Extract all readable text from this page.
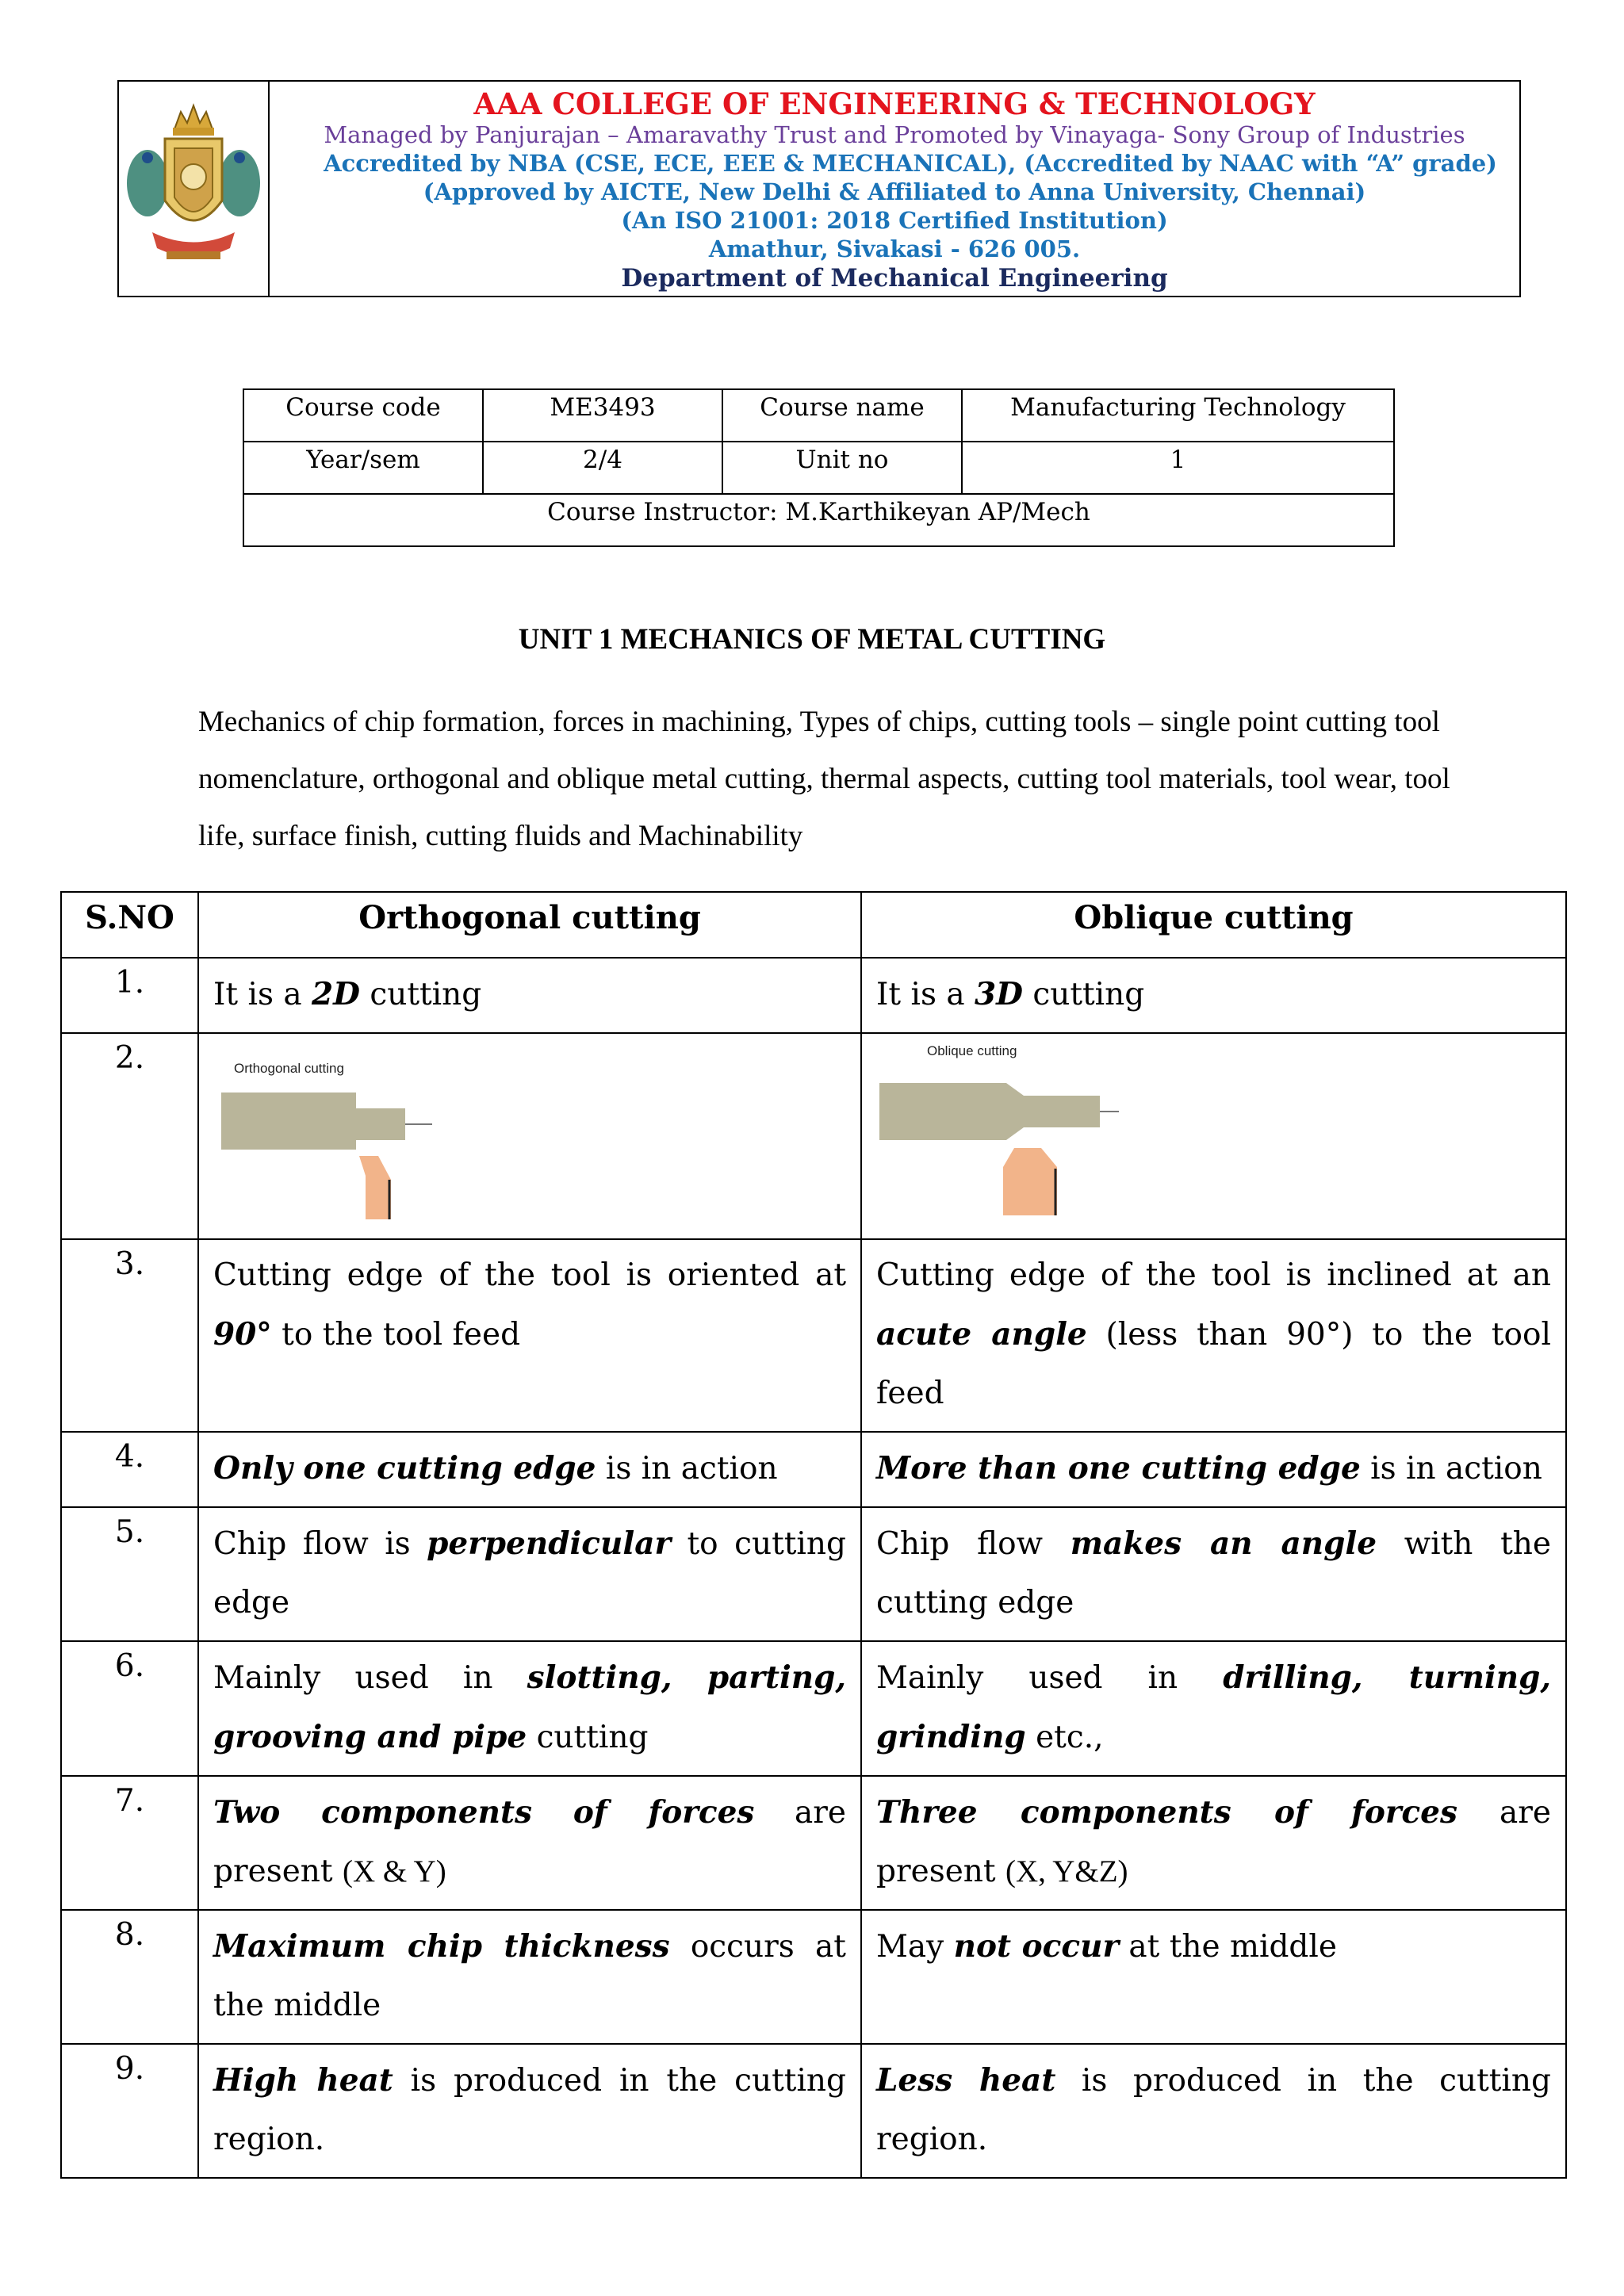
AAA COLLEGE OF ENGINEERING & TECHNOLOGY
Managed by Panjurajan – Amaravathy Trust and Promoted by Vinayaga- Sony Group of Industries
Accredited by NBA (CSE, ECE, EEE & MECHANICAL), (Accredited by NAAC with “A” grade)
(Approved by AICTE, New Delhi & Affiliated to Anna University, Chennai)
(An ISO 21001: 2018 Certified Institution)
Amathur, Sivakasi - 626 005.
Department of Mechanical Engineering
Course code	ME3493	Course name	Manufacturing Technology
Year/sem	2/4	Unit no	1
Course Instructor: M.Karthikeyan AP/Mech			
UNIT 1 MECHANICS OF METAL CUTTING
Mechanics of chip formation, forces in machining, Types of chips, cutting tools – single point cutting tool nomenclature, orthogonal and oblique metal cutting, thermal aspects, cutting tool materials, tool wear, tool life, surface finish, cutting fluids and Machinability
S.NO	Orthogonal cutting	Oblique cutting
1.	It is a 2D cutting	It is a 3D cutting
2.	Orthogonal cutting	Oblique cutting

3.	Cutting edge of the tool is oriented at 90° to the tool feed	Cutting edge of the tool is inclined at an acute angle (less than 90°) to the tool feed
4.	Only one cutting edge is in action	More than one cutting edge is in action
5.	Chip flow is perpendicular to cutting edge	Chip flow makes an angle with the cutting edge
6.	Mainly used in slotting, parting, grooving and pipe cutting	Mainly used in drilling, turning, grinding etc.,
7.	Two components of forces are present (X & Y)	Three components of forces are present (X, Y&Z)
8.	Maximum chip thickness occurs at the middle	May not occur at the middle
9.	High heat is produced in the cutting region.	Less heat is produced in the cutting region.
